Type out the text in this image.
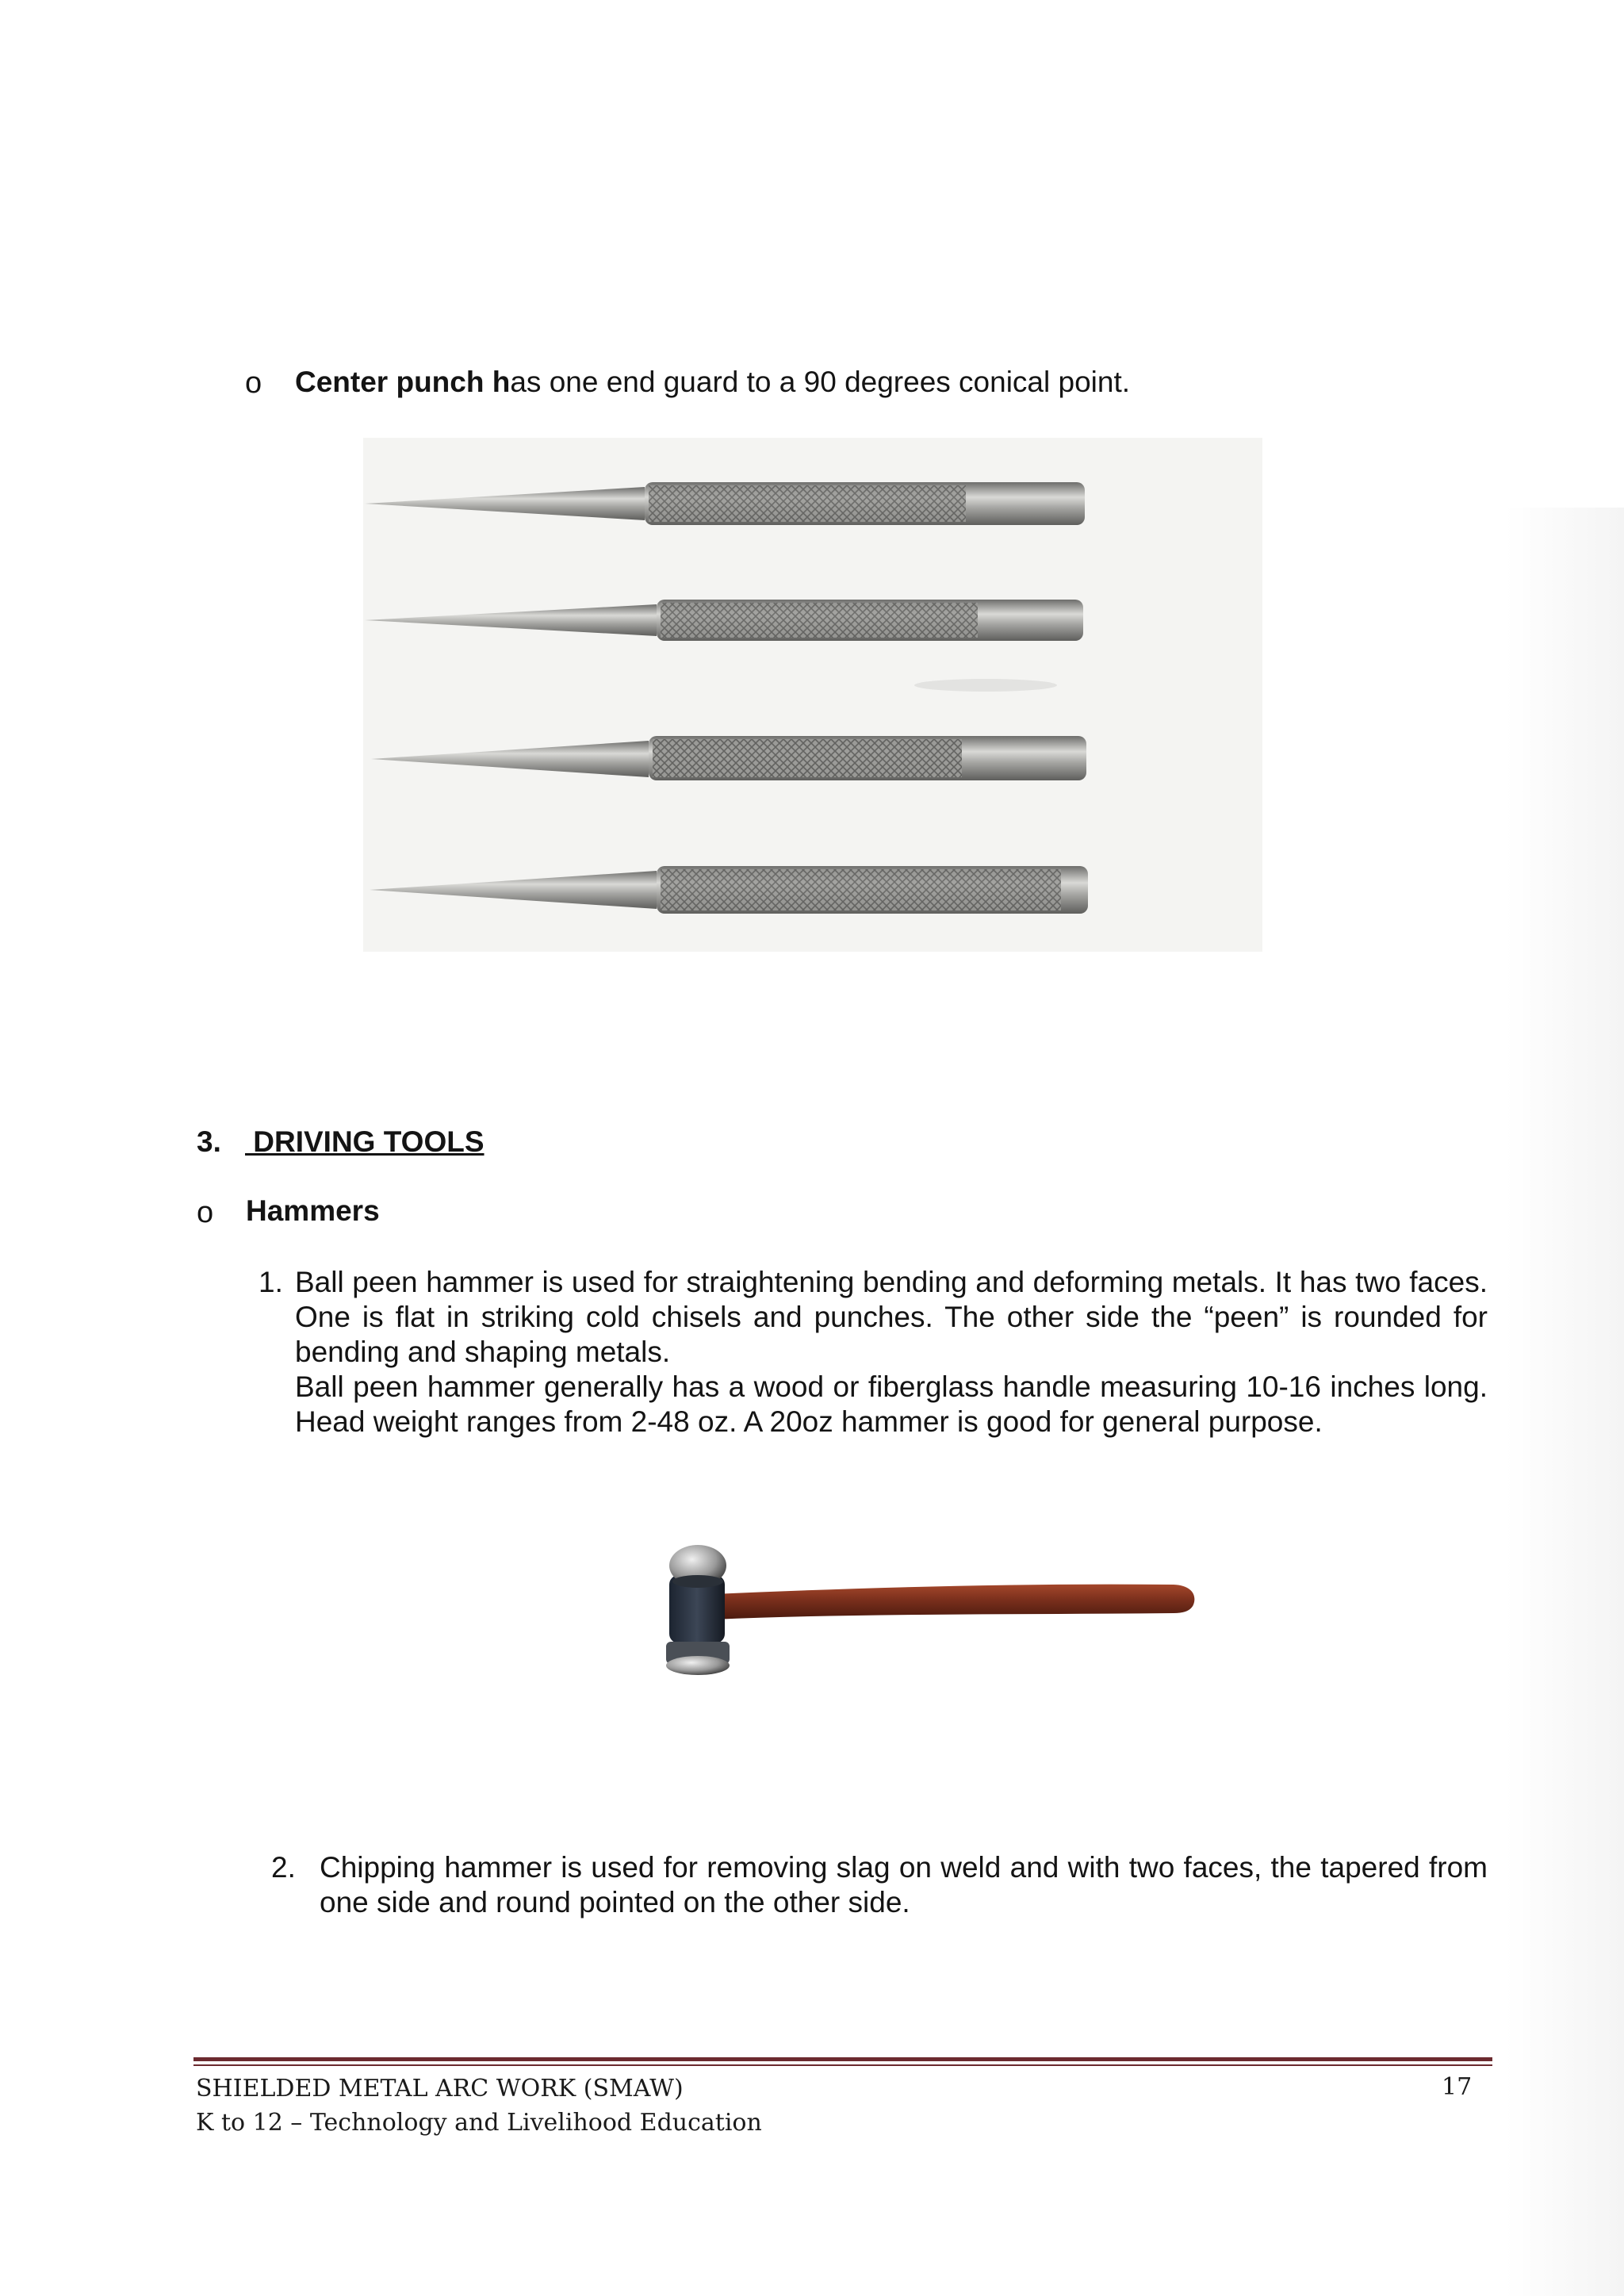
o Center punch has one end guard to a 90 degrees conical point.
3. DRIVING TOOLS
o Hammers
1. Ball peen hammer is used for straightening bending and deforming metals. It has two faces. One is flat in striking cold chisels and punches. The other side the “peen” is rounded for bending and shaping metals.
Ball peen hammer generally has a wood or fiberglass handle measuring 10-16 inches long. Head weight ranges from 2-48 oz. A 20oz hammer is good for general purpose.
2. Chipping hammer is used for removing slag on weld and with two faces, the tapered from one side and round pointed on the other side.
SHIELDED METAL ARC WORK (SMAW)
K to 12 – Technology and Livelihood Education
17
